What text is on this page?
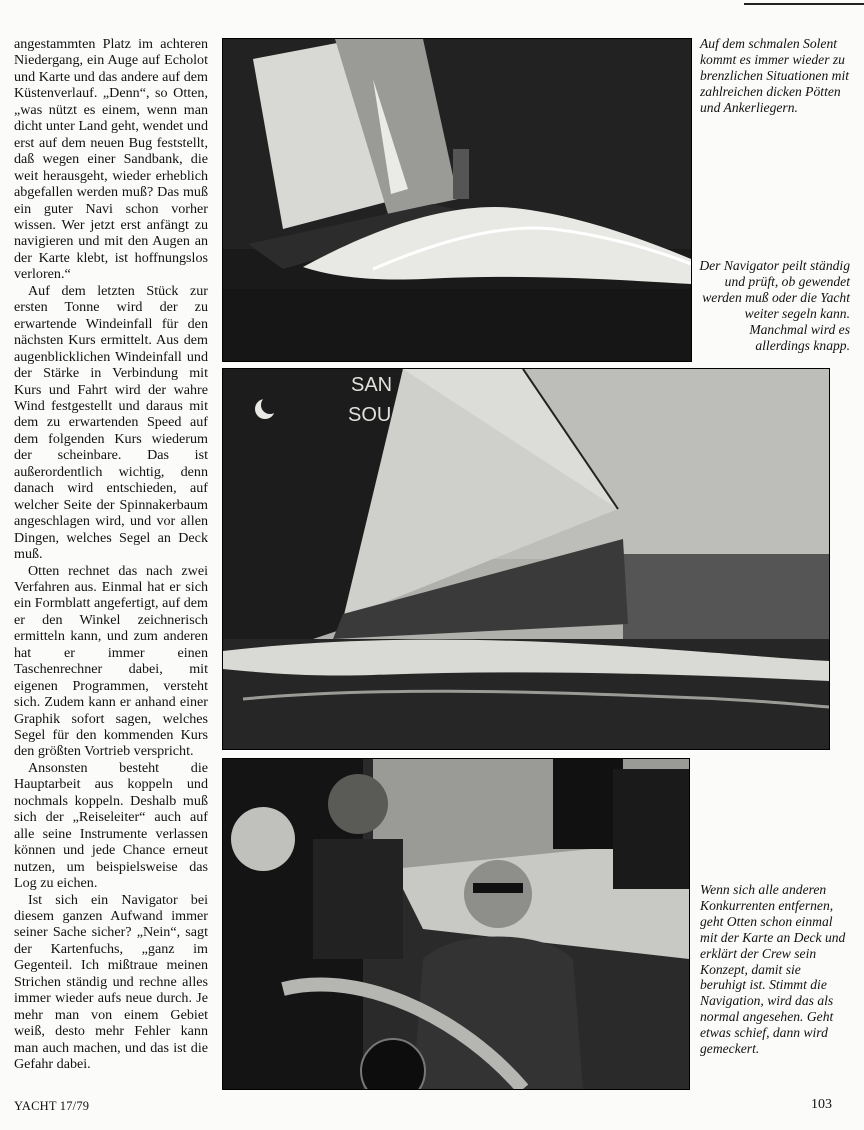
angestammten Platz im achteren Niedergang, ein Auge auf Echolot und Karte und das andere auf dem Küstenverlauf. „Denn“, so Otten, „was nützt es einem, wenn man dicht unter Land geht, wendet und erst auf dem neuen Bug feststellt, daß wegen einer Sandbank, die weit herausgeht, wieder erheblich abgefallen werden muß? Das muß ein guter Navi schon vorher wissen. Wer jetzt erst anfängt zu navigieren und mit den Augen an der Karte klebt, ist hoffnungslos verloren.“

Auf dem letzten Stück zur ersten Tonne wird der zu erwartende Windeinfall für den nächsten Kurs ermittelt. Aus dem augenblicklichen Windeinfall und der Stärke in Verbindung mit Kurs und Fahrt wird der wahre Wind festgestellt und daraus mit dem zu erwartenden Speed auf dem folgenden Kurs wiederum der scheinbare. Das ist außerordentlich wichtig, denn danach wird entschieden, auf welcher Seite der Spinnakerbaum angeschlagen wird, und vor allen Dingen, welches Segel an Deck muß.

Otten rechnet das nach zwei Verfahren aus. Einmal hat er sich ein Formblatt angefertigt, auf dem er den Winkel zeichnerisch ermitteln kann, und zum anderen hat er immer einen Taschenrechner dabei, mit eigenen Programmen, versteht sich. Zudem kann er anhand einer Graphik sofort sagen, welches Segel für den kommenden Kurs den größten Vortrieb verspricht.

Ansonsten besteht die Hauptarbeit aus koppeln und nochmals koppeln. Deshalb muß sich der „Reiseleiter“ auch auf alle seine Instrumente verlassen können und jede Chance erneut nutzen, um beispielsweise das Log zu eichen.

Ist sich ein Navigator bei diesem ganzen Aufwand immer seiner Sache sicher? „Nein“, sagt der Kartenfuchs, „ganz im Gegenteil. Ich mißtraue meinen Strichen ständig und rechne alles immer wieder aufs neue durch. Je mehr man von einem Gebiet weiß, desto mehr Fehler kann man auch machen, und das ist die Gefahr dabei.

Auf dem schmalen Solent kommt es immer wieder zu brenzlichen Situationen mit zahlreichen dicken Pötten und Ankerliegern.
Der Navigator peilt ständig und prüft, ob gewendet werden muß oder die Yacht weiter segeln kann. Manchmal wird es allerdings knapp.
SAN
SOU
Wenn sich alle anderen Konkurrenten entfernen, geht Otten schon einmal mit der Karte an Deck und erklärt der Crew sein Konzept, damit sie beruhigt ist. Stimmt die Navigation, wird das als normal angesehen. Geht etwas schief, dann wird gemeckert.
YACHT 17/79	103
